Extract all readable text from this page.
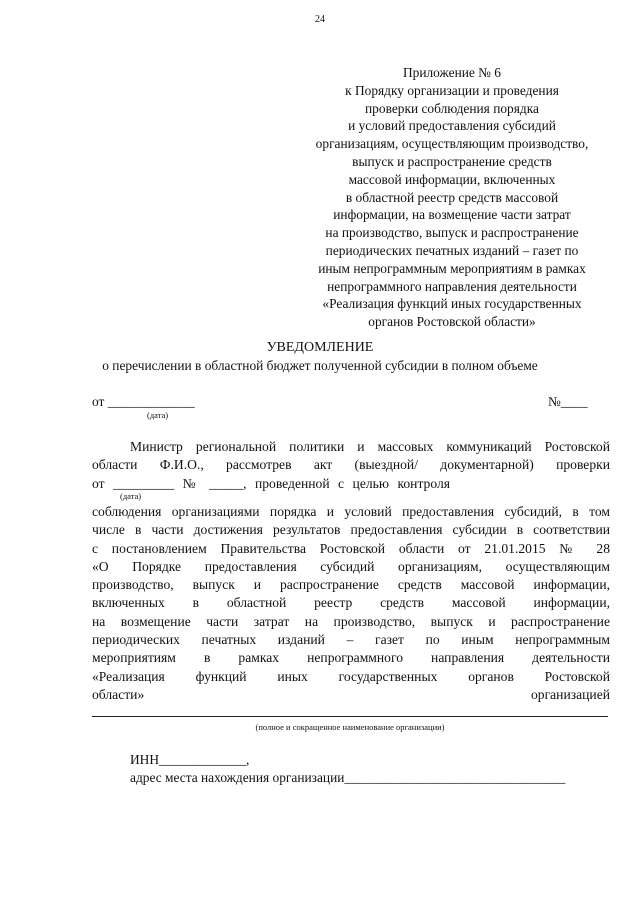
24
Приложение № 6
к Порядку организации и проведения
проверки соблюдения порядка
и условий предоставления субсидий
организациям, осуществляющим производство,
выпуск и распространение средств
массовой информации, включенных
в областной реестр средств массовой
информации, на возмещение части затрат
на производство, выпуск и распространение
периодических печатных изданий – газет по
иным непрограммным мероприятиям в рамках
непрограммного направления деятельности
«Реализация функций иных государственных
органов Ростовской области»
УВЕДОМЛЕНИЕ
о перечислении в областной бюджет полученной субсидии в полном объеме
от _____________	№____
(дата)
Министр региональной политики и массовых коммуникаций Ростовской
области Ф.И.О., рассмотрев акт (выездной/ документарной) проверки
от _________ № _____, проведенной с целью контроля
(дата)
соблюдения организациями порядка и условий предоставления субсидий, в том
числе в части достижения результатов предоставления субсидии в соответствии
с постановлением Правительства Ростовской области от 21.01.2015 № 28
«О Порядке предоставления субсидий организациям, осуществляющим
производство, выпуск и распространение средств массовой информации,
включенных в областной реестр средств массовой информации,
на возмещение части затрат на производство, выпуск и распространение
периодических печатных изданий – газет по иным непрограммным
мероприятиям в рамках непрограммного направления деятельности
«Реализация функций иных государственных органов Ростовской
области»	организацией
(полное и сокращенное наименование организации)
ИНН_____________,
адрес места нахождения организации_________________________________
